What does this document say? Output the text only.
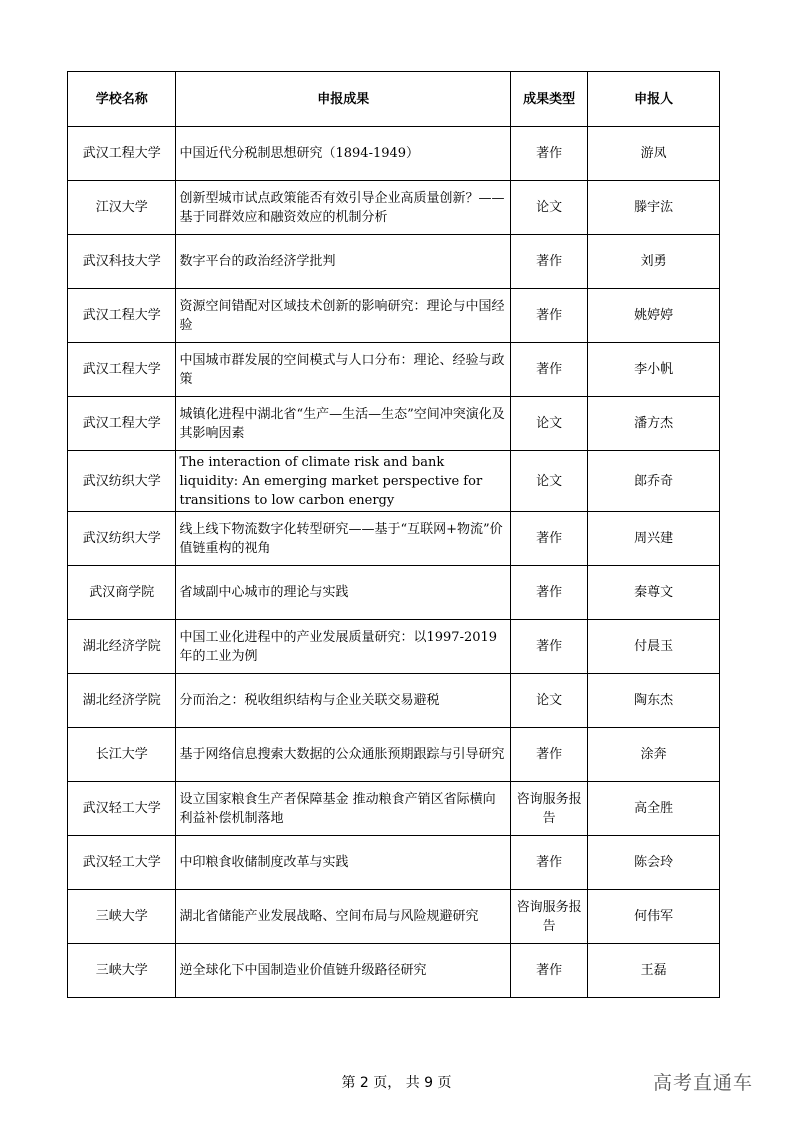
学校名称	申报成果	成果类型	申报人
武汉工程大学	中国近代分税制思想研究（1894-1949）	著作	游凤
江汉大学	创新型城市试点政策能否有效引导企业高质量创新？——基于同群效应和融资效应的机制分析	论文	滕宇汯
武汉科技大学	数字平台的政治经济学批判	著作	刘勇
武汉工程大学	资源空间错配对区域技术创新的影响研究：理论与中国经验	著作	姚婷婷
武汉工程大学	中国城市群发展的空间模式与人口分布：理论、经验与政策	著作	李小帆
武汉工程大学	城镇化进程中湖北省“生产—生活—生态”空间冲突演化及其影响因素	论文	潘方杰
武汉纺织大学	The interaction of climate risk and bank liquidity: An emerging market perspective for transitions to low carbon energy	论文	郎乔奇
武汉纺织大学	线上线下物流数字化转型研究——基于“互联网+物流”价值链重构的视角	著作	周兴建
武汉商学院	省域副中心城市的理论与实践	著作	秦尊文
湖北经济学院	中国工业化进程中的产业发展质量研究：以1997-2019年的工业为例	著作	付晨玉
湖北经济学院	分而治之：税收组织结构与企业关联交易避税	论文	陶东杰
长江大学	基于网络信息搜索大数据的公众通胀预期跟踪与引导研究	著作	涂奔
武汉轻工大学	设立国家粮食生产者保障基金 推动粮食产销区省际横向利益补偿机制落地	咨询服务报告	高全胜
武汉轻工大学	中印粮食收储制度改革与实践	著作	陈会玲
三峡大学	湖北省储能产业发展战略、空间布局与风险规避研究	咨询服务报告	何伟军
三峡大学	逆全球化下中国制造业价值链升级路径研究	著作	王磊
第 2 页， 共 9 页	高考直通车
